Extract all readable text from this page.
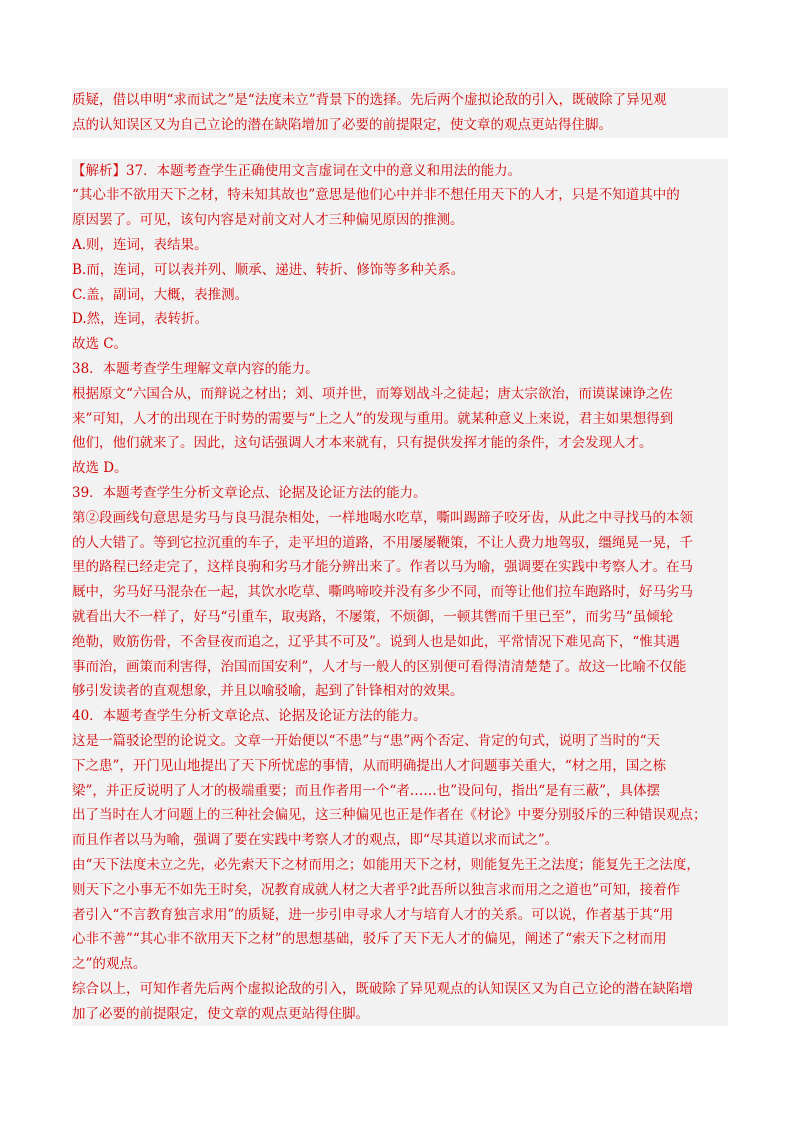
质疑，借以申明“求而试之”是“法度未立”背景下的选择。先后两个虚拟论敌的引入，既破除了异见观

点的认知误区又为自己立论的潜在缺陷增加了必要的前提限定，使文章的观点更站得住脚。

【解析】37．本题考查学生正确使用文言虚词在文中的意义和用法的能力。

“其心非不欲用天下之材，特未知其故也”意思是他们心中并非不想任用天下的人才，只是不知道其中的

原因罢了。可见，该句内容是对前文对人才三种偏见原因的推测。

A.则，连词，表结果。

B.而，连词，可以表并列、顺承、递进、转折、修饰等多种关系。

C.盖，副词，大概，表推测。

D.然，连词，表转折。

故选 C。

38．本题考查学生理解文章内容的能力。

根据原文“六国合从，而辩说之材出；刘、项并世，而筹划战斗之徒起；唐太宗欲治，而谟谋谏诤之佐

来”可知，人才的出现在于时势的需要与“上之人”的发现与重用。就某种意义上来说，君主如果想得到

他们，他们就来了。因此，这句话强调人才本来就有，只有提供发挥才能的条件，才会发现人才。

故选 D。

39．本题考查学生分析文章论点、论据及论证方法的能力。

第②段画线句意思是劣马与良马混杂相处，一样地喝水吃草，嘶叫踢蹄子咬牙齿，从此之中寻找马的本领

的人大错了。等到它拉沉重的车子，走平坦的道路，不用屡屡鞭策，不让人费力地驾驭，缰绳晃一晃，千

里的路程已经走完了，这样良驹和劣马才能分辨出来了。作者以马为喻，强调要在实践中考察人才。在马

厩中，劣马好马混杂在一起，其饮水吃草、嘶鸣啼咬并没有多少不同，而等让他们拉车跑路时，好马劣马

就看出大不一样了，好马“引重车，取夷路，不屡策，不烦御，一顿其辔而千里已至”，而劣马“虽倾轮

绝勒，败筋伤骨，不舍昼夜而追之，辽乎其不可及”。说到人也是如此，平常情况下难见高下，“惟其遇

事而治，画策而利害得，治国而国安利”，人才与一般人的区别便可看得清清楚楚了。故这一比喻不仅能

够引发读者的直观想象，并且以喻驳喻，起到了针锋相对的效果。

40．本题考查学生分析文章论点、论据及论证方法的能力。

这是一篇驳论型的论说文。文章一开始便以“不患”与“患”两个否定、肯定的句式，说明了当时的“天

下之患”，开门见山地提出了天下所忧虑的事情，从而明确提出人才问题事关重大，“材之用，国之栋

梁”，并正反说明了人才的极端重要；而且作者用一个“者……也”设问句，指出“是有三蔽”，具体摆

出了当时在人才问题上的三种社会偏见，这三种偏见也正是作者在《材论》中要分别驳斥的三种错误观点；

而且作者以马为喻，强调了要在实践中考察人才的观点，即“尽其道以求而试之”。

由“天下法度未立之先，必先索天下之材而用之；如能用天下之材，则能复先王之法度；能复先王之法度，

则天下之小事无不如先王时矣，况教育成就人材之大者乎?此吾所以独言求而用之之道也”可知，接着作

者引入“不言教育独言求用”的质疑，进一步引申寻求人才与培育人才的关系。可以说，作者基于其“用

心非不善”“其心非不欲用天下之材”的思想基础，驳斥了天下无人才的偏见，阐述了“索天下之材而用

之”的观点。

综合以上，可知作者先后两个虚拟论敌的引入，既破除了异见观点的认知误区又为自己立论的潜在缺陷增

加了必要的前提限定，使文章的观点更站得住脚。
